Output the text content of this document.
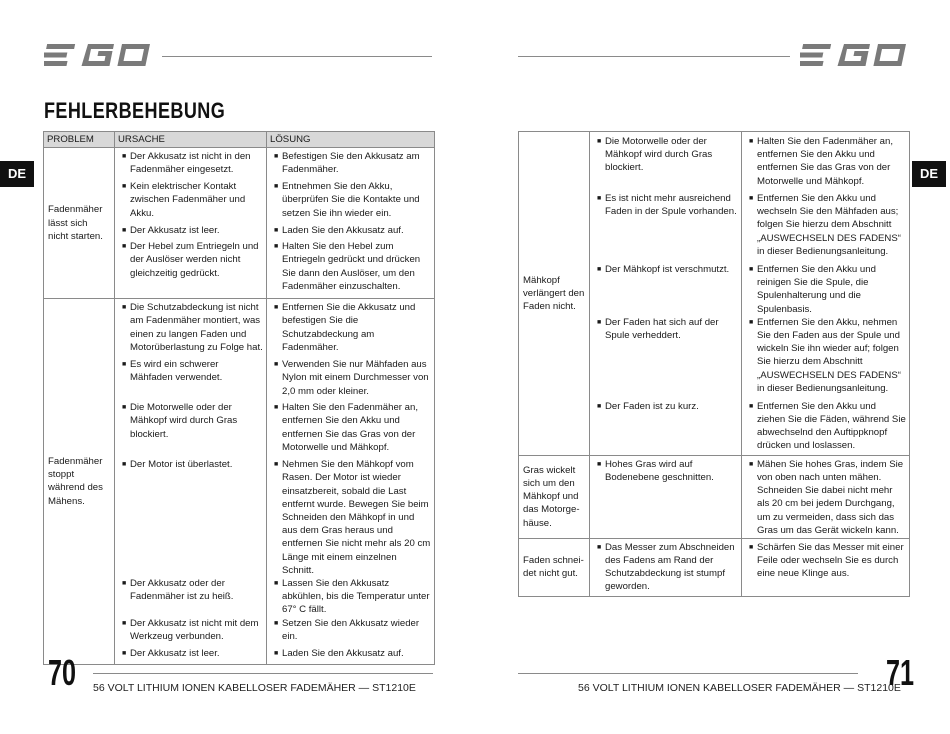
FEHLERBEHEBUNG
DE	DE
PROBLEM	URSACHE	LÖSUNG
Fadenmäher lässt sich nicht starten.	■ Der Akkusatz ist nicht in den Fadenmäher eingesetzt.	■ Befestigen Sie den Akkusatz am Fadenmäher.

	■ Kein elektrischer Kontakt zwischen Fadenmäher und Akku.	■ Entnehmen Sie den Akku, überprüfen Sie die Kontakte und setzen Sie ihn wieder ein.

	■ Der Akkusatz ist leer.	■ Laden Sie den Akkusatz auf.

	■ Der Hebel zum Entriegeln und der Auslöser werden nicht gleichzeitig gedrückt.	■ Halten Sie den Hebel zum Entriegeln gedrückt und drücken Sie dann den Auslöser, um den Fadenmäher einzuschalten.

Fadenmäher stoppt während des Mähens.	■ Die Schutzabdeckung ist nicht am Fadenmäher montiert, was einen zu langen Faden und Motorüberlastung zu Folge hat.	■ Entfernen Sie die Akkusatz und befestigen Sie die Schutzabdeckung am Fadenmäher.

	■ Es wird ein schwerer Mähfaden verwendet.	■ Verwenden Sie nur Mähfaden aus Nylon mit einem Durchmesser von 2,0 mm oder kleiner.

	■ Die Motorwelle oder der Mähkopf wird durch Gras blockiert.	■ Halten Sie den Fadenmäher an, entfernen Sie den Akku und entfernen Sie das Gras von der Motorwelle und Mähkopf.

	■ Der Motor ist überlastet.	■ Nehmen Sie den Mähkopf vom Rasen. Der Motor ist wieder einsatzbereit, sobald die Last entfernt wurde. Bewegen Sie beim Schneiden den Mähkopf in und aus dem Gras heraus und entfernen Sie nicht mehr als 20 cm Länge mit einem einzelnen Schnitt.

	■ Der Akkusatz oder der Fadenmäher ist zu heiß.	■ Lassen Sie den Akkusatz abkühlen, bis die Temperatur unter 67° C fällt.

	■ Der Akkusatz ist nicht mit dem Werkzeug verbunden.	■ Setzen Sie den Akkusatz wieder ein.

	■ Der Akkusatz ist leer.	■ Laden Sie den Akkusatz auf.
Mähkopf verlängert den Faden nicht.	■ Die Motorwelle oder der Mähkopf wird durch Gras blockiert.	■ Halten Sie den Fadenmäher an, entfernen Sie den Akku und entfernen Sie das Gras von der Motorwelle und Mähkopf.

	■ Es ist nicht mehr ausreichend Faden in der Spule vorhanden.	■ Entfernen Sie den Akku und wechseln Sie den Mähfaden aus; folgen Sie hierzu dem Abschnitt „AUSWECHSELN DES FADENS“ in dieser Bedienungsanleitung.

	■ Der Mähkopf ist verschmutzt.	■ Entfernen Sie den Akku und reinigen Sie die Spule, die Spulenhalterung und die Spulenbasis.

	■ Der Faden hat sich auf der Spule verheddert.	■ Entfernen Sie den Akku, nehmen Sie den Faden aus der Spule und wickeln Sie ihn wieder auf; folgen Sie hierzu dem Abschnitt „AUSWECHSELN DES FADENS“ in dieser Bedienungsanleitung.

	■ Der Faden ist zu kurz.	■ Entfernen Sie den Akku und ziehen Sie die Fäden, während Sie abwechselnd den Auftippknopf drücken und loslassen.

Gras wickelt sich um den Mähkopf und das Motorge-häuse.	■ Hohes Gras wird auf Bodenebene geschnitten.	■ Mähen Sie hohes Gras, indem Sie von oben nach unten mähen. Schneiden Sie dabei nicht mehr als 20 cm bei jedem Durchgang, um zu vermeiden, dass sich das Gras um das Gerät wickeln kann.

Faden schnei-det nicht gut.	■ Das Messer zum Abschneiden des Fadens am Rand der Schutzabdeckung ist stumpf geworden.	■ Schärfen Sie das Messer mit einer Feile oder wechseln Sie es durch eine neue Klinge aus.
70 56 VOLT LITHIUM IONEN KABELLOSER FADEMÄHER — ST1210E	56 VOLT LITHIUM IONEN KABELLOSER FADEMÄHER — ST1210E
71
